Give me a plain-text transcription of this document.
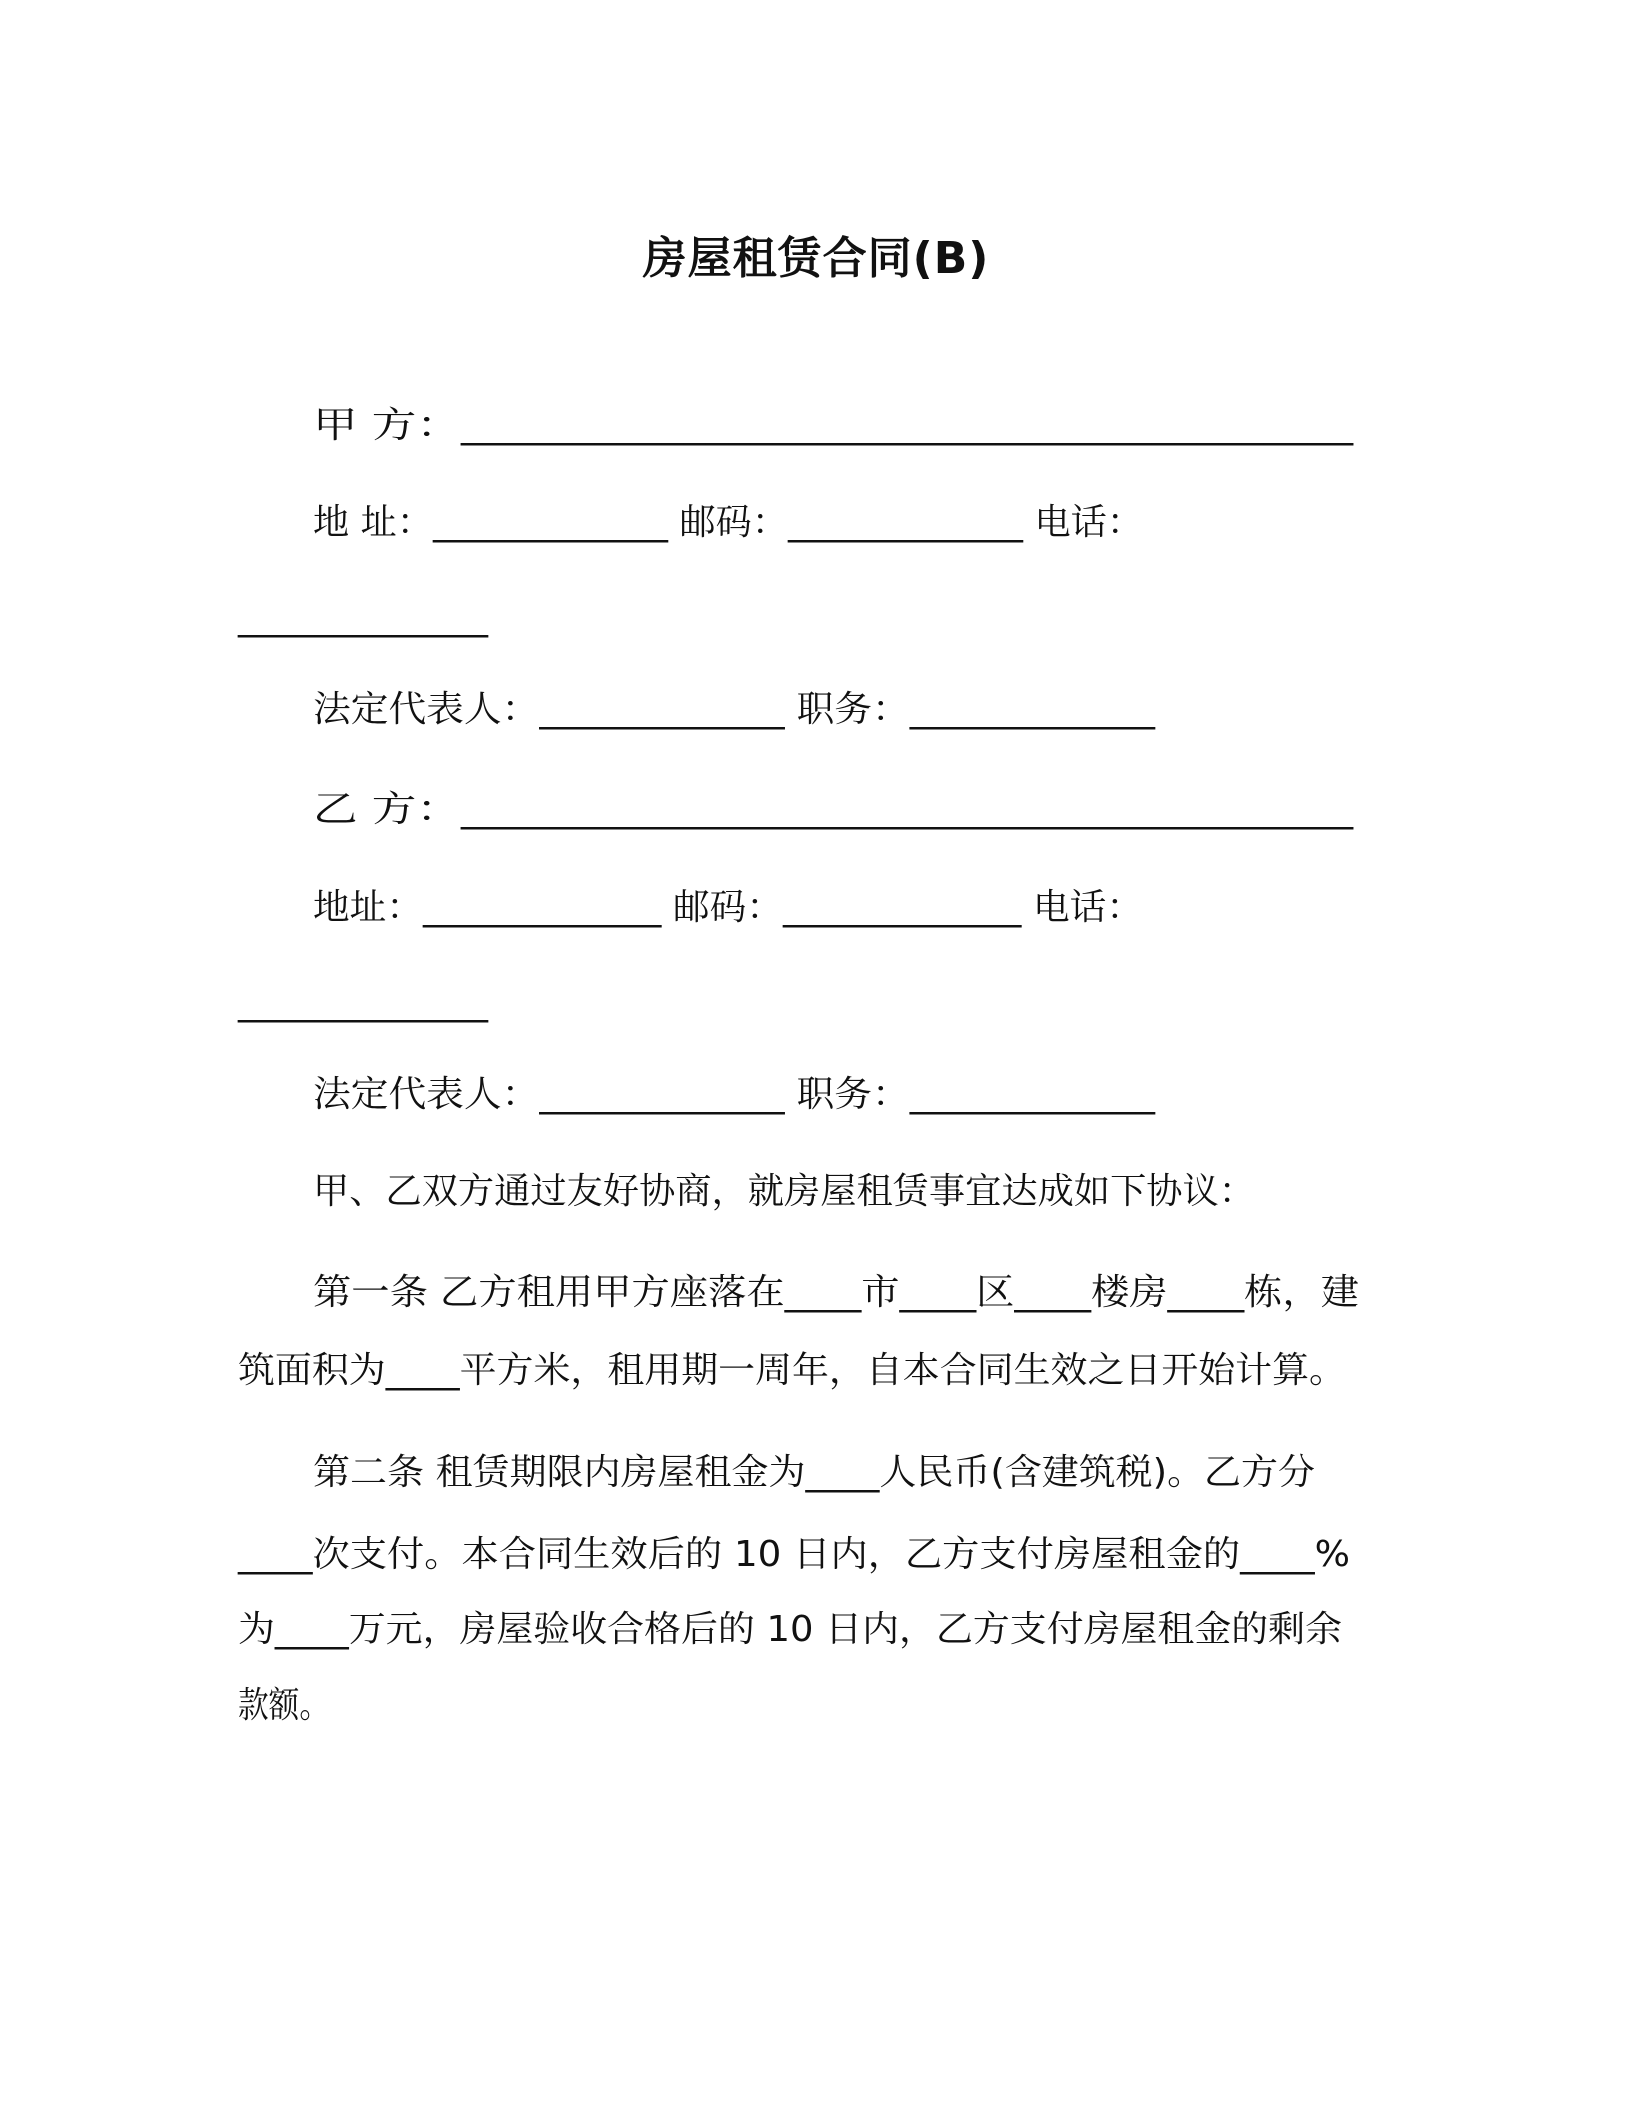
房屋租赁合同(B)
甲 方：________________________________________
地 址：_____________ 邮码：_____________ 电话：
_____________
法定代表人：_____________ 职务：_____________
乙 方：________________________________________
地址：_____________ 邮码：_____________ 电话：
_____________
法定代表人：_____________ 职务：_____________
甲、乙双方通过友好协商，就房屋租赁事宜达成如下协议：
第一条 乙方租用甲方座落在____市____区____楼房____栋，建
筑面积为____平方米，租用期一周年，自本合同生效之日开始计算。
第二条 租赁期限内房屋租金为____人民币(含建筑税)。乙方分
____次支付。本合同生效后的 10 日内，乙方支付房屋租金的____%
为____万元，房屋验收合格后的 10 日内，乙方支付房屋租金的剩余
款额。
